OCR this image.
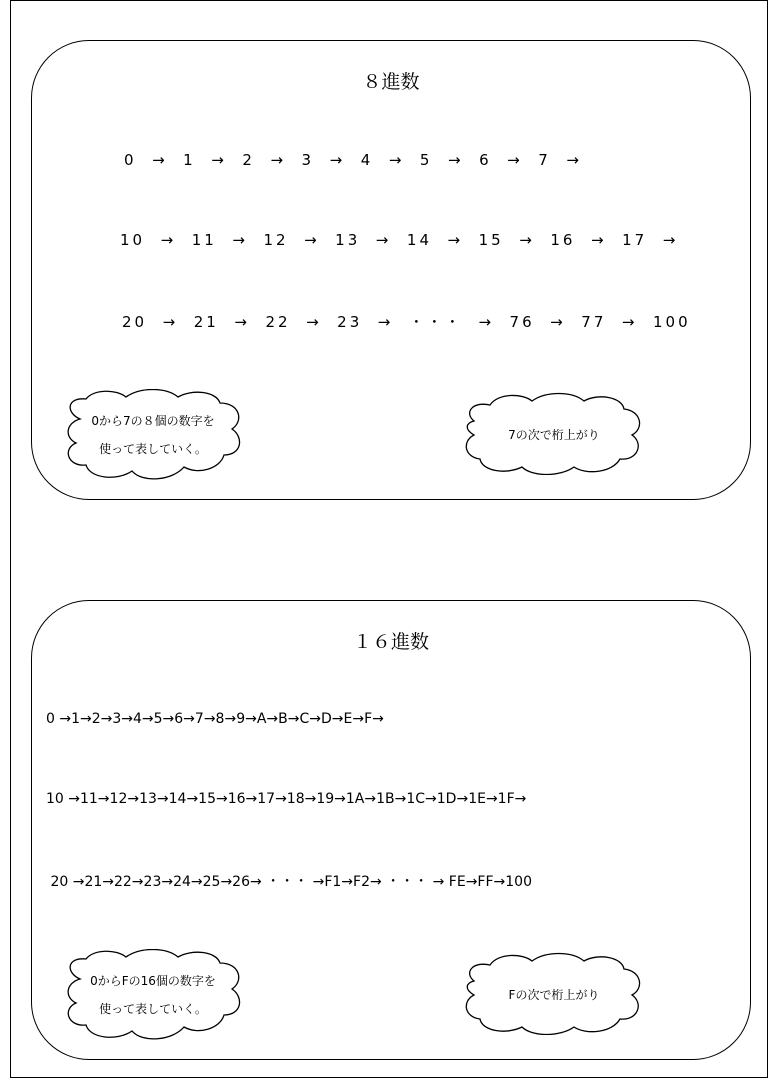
８進数
0  →  1  →  2  →  3  →  4  →  5  →  6  →  7  →
10  →  11  →  12  →  13  →  14  →  15  →  16  →  17  →
20  →  21  →  22  →  23  →  ・・・  →  76  →  77  →  100
0から7の８個の数字を
使って表していく。
7の次で桁上がり
１６進数
0 →1→2→3→4→5→6→7→8→9→A→B→C→D→E→F→
10 →11→12→13→14→15→16→17→18→19→1A→1B→1C→1D→1E→1F→
20 →21→22→23→24→25→26→ ・・・ →F1→F2→ ・・・ → FE→FF→100
0からFの16個の数字を
使って表していく。
Fの次で桁上がり
